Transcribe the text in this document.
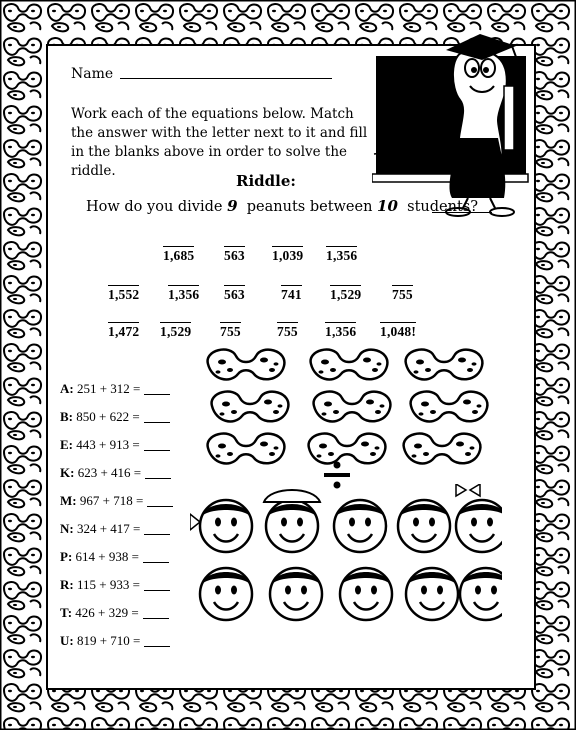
Name
Work each of the equations below. Match the answer with the letter next to it and fill in the blanks above in order to solve the riddle.
Riddle:
How do you divide 9 peanuts between 10 students?
1,685 563 1,039 1,356
1,552 1,356 563	741 1,529 755
1,472 1,529 755	755 1,356 1,048!
A: 251 + 312 =
B: 850 + 622 =
E: 443 + 913 =
K: 623 + 416 =
M: 967 + 718 =
N: 324 + 417 =
P: 614 + 938 =
R: 115 + 933 =
T: 426 + 329 =
U: 819 + 710 =
